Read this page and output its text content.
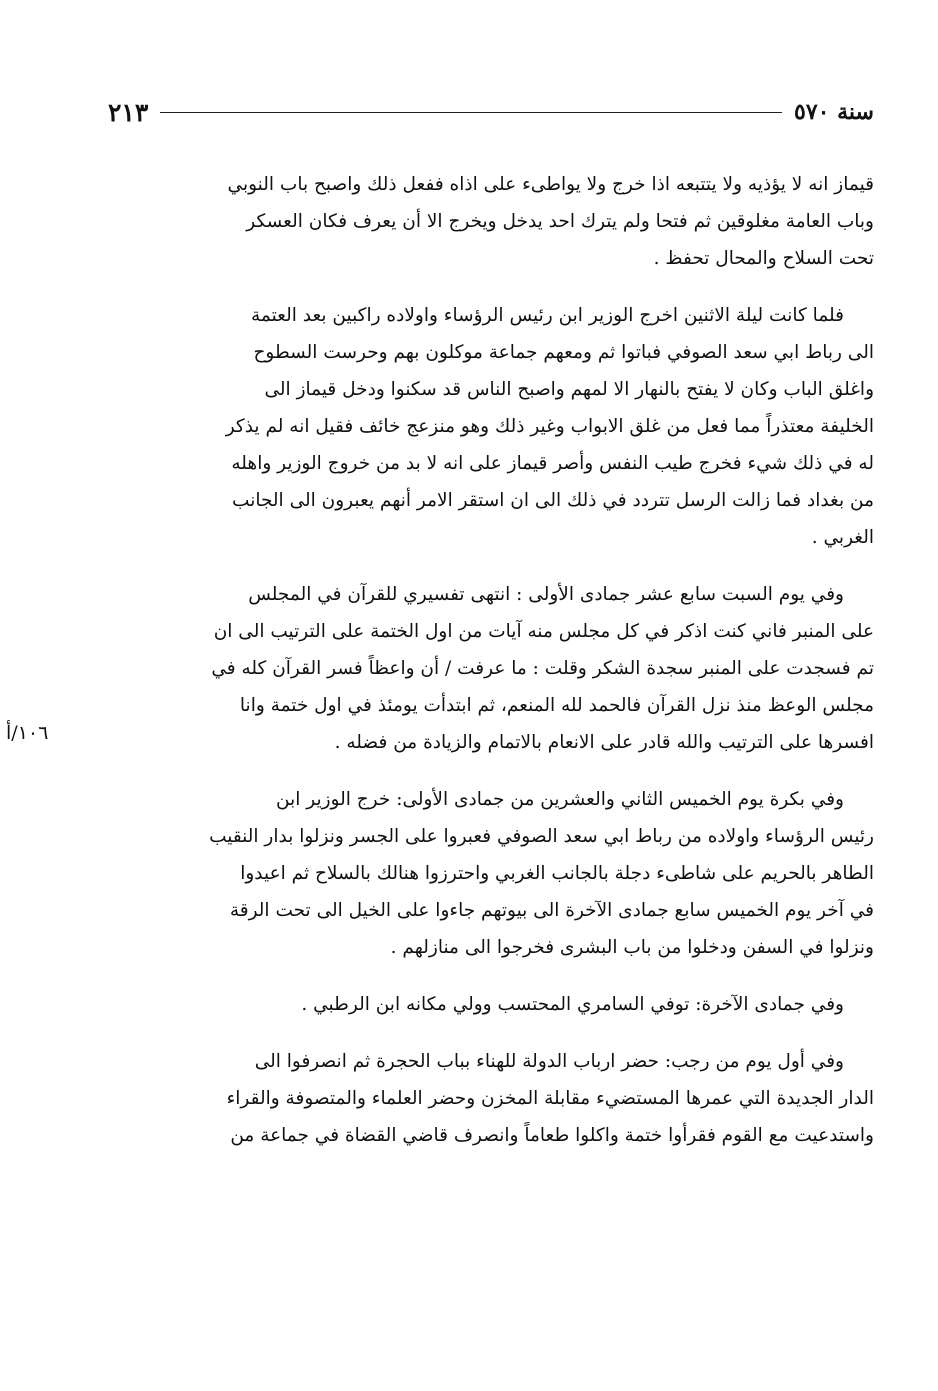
سنة ٥٧٠
٢١٣
١٠٦/أ
قيماز انه لا يؤذيه ولا يتتبعه اذا خرج ولا يواطىء على اذاه ففعل ذلك واصبح باب النوبي
وباب العامة مغلوقين ثم فتحا ولم يترك احد يدخل ويخرج الا أن يعرف فكان العسكر
تحت السلاح والمحال تحفظ .
فلما كانت ليلة الاثنين اخرج الوزير ابن رئيس الرؤساء واولاده راكبين بعد العتمة
الى رباط ابي سعد الصوفي فباتوا ثم ومعهم جماعة موكلون بهم وحرست السطوح
واغلق الباب وكان لا يفتح بالنهار الا لمهم واصبح الناس قد سكنوا ودخل قيماز الى
الخليفة معتذراً مما فعل من غلق الابواب وغير ذلك وهو منزعج خائف فقيل انه لم يذكر
له في ذلك شيء فخرج طيب النفس وأصر قيماز على انه لا بد من خروج الوزير واهله
من بغداد فما زالت الرسل تتردد في ذلك الى ان استقر الامر أنهم يعبرون الى الجانب
الغربي .
وفي يوم السبت سابع عشر جمادى الأولى : انتهى تفسيري للقرآن في المجلس
على المنبر فاني كنت اذكر في كل مجلس منه آيات من اول الختمة على الترتيب الى ان
تم فسجدت على المنبر سجدة الشكر وقلت : ما عرفت / أن واعظاً فسر القرآن كله في
مجلس الوعظ منذ نزل القرآن فالحمد لله المنعم، ثم ابتدأت يومئذ في اول ختمة وانا
افسرها على الترتيب والله قادر على الانعام بالاتمام والزيادة من فضله .
وفي بكرة يوم الخميس الثاني والعشرين من جمادى الأولى: خرج الوزير ابن
رئيس الرؤساء واولاده من رباط ابي سعد الصوفي فعبروا على الجسر ونزلوا بدار النقيب
الطاهر بالحريم على شاطىء دجلة بالجانب الغربي واحترزوا هنالك بالسلاح ثم اعيدوا
في آخر يوم الخميس سابع جمادى الآخرة الى بيوتهم جاءوا على الخيل الى تحت الرقة
ونزلوا في السفن ودخلوا من باب البشرى فخرجوا الى منازلهم .
وفي جمادى الآخرة: توفي السامري المحتسب وولي مكانه ابن الرطبي .
وفي أول يوم من رجب: حضر ارباب الدولة للهناء بباب الحجرة ثم انصرفوا الى
الدار الجديدة التي عمرها المستضيء مقابلة المخزن وحضر العلماء والمتصوفة والقراء
واستدعيت مع القوم فقرأوا ختمة واكلوا طعاماً وانصرف قاضي القضاة في جماعة من
